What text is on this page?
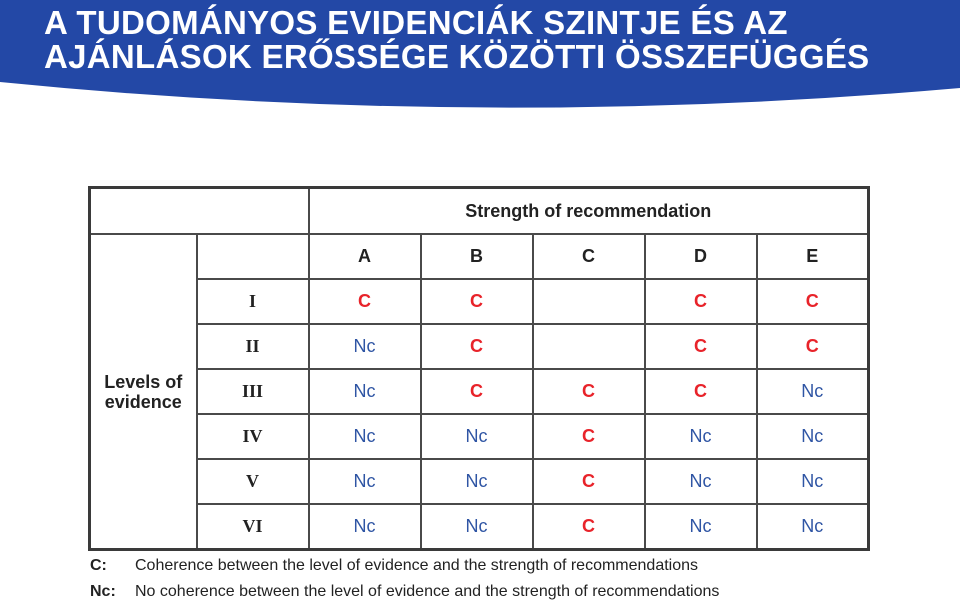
A TUDOMÁNYOS EVIDENCIÁK SZINTJE ÉS AZ
AJÁNLÁSOK ERŐSSÉGE KÖZÖTTI ÖSSZEFÜGGÉS
		Strength of recommendation				
Levels of
evidence		A	B	C	D	E
	I	C	C		C	C
	II	Nc	C		C	C
	III	Nc	C	C	C	Nc
	IV	Nc	Nc	C	Nc	Nc
	V	Nc	Nc	C	Nc	Nc
	VI	Nc	Nc	C	Nc	Nc
C: Coherence between the level of evidence and the strength of recommendations
Nc: No coherence between the level of evidence and the strength of recommendations
